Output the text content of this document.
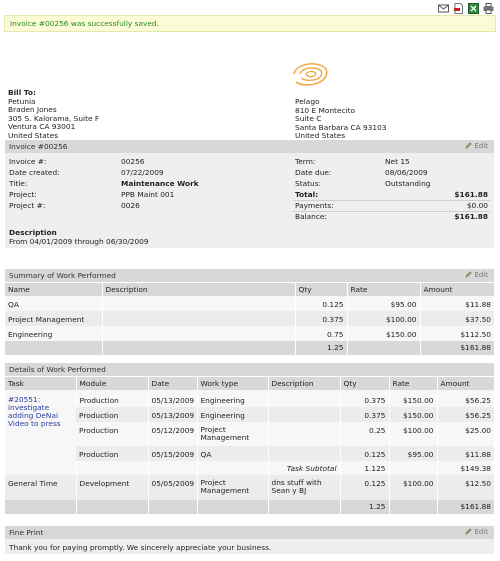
Invoice #00256 was successfully saved.
Bill To:
Petunia
Braden Jones
305 S. Kalorama, Suite F
Ventura CA 93001
United States
Pelago
810 E Montecito
Suite C
Santa Barbara CA 93103
United States
Invoice #00256	Edit
Invoice #:	00256	Term:	Net 15
Date created:	07/22/2009	Date due:	08/06/2009
Title:	Maintenance Work	Status:	Outstanding
Project:	PPB Maint 001	Total:	$161.88
Project #:	0026	Payments:	$0.00
Balance:	$161.88
Description
From 04/01/2009 through 06/30/2009
Summary of Work Performed	Edit
Name	Description	Qty	Rate	Amount
QA		0.125	$95.00	$11.88
Project Management		0.375	$100.00	$37.50
Engineering		0.75	$150.00	$112.50
		1.25		$161.88
Details of Work Performed
Task	Module	Date	Work type	Description	Qty	Rate	Amount
#20551: investigate adding DeNai Video to press	Production	05/13/2009	Engineering		0.375	$150.00	$56.25
	Production	05/13/2009	Engineering		0.375	$150.00	$56.25
	Production	05/12/2009	Project Management		0.25	$100.00	$25.00
	Production	05/15/2009	QA		0.125	$95.00	$11.88
				Task Subtotal	1.125		$149.38
General Time	Development	05/05/2009	Project Management	dns stuff with Sean y BJ	0.125	$100.00	$12.50
					1.25		$161.88
Fine Print	Edit
Thank you for paying promptly. We sincerely appreciate your business.
